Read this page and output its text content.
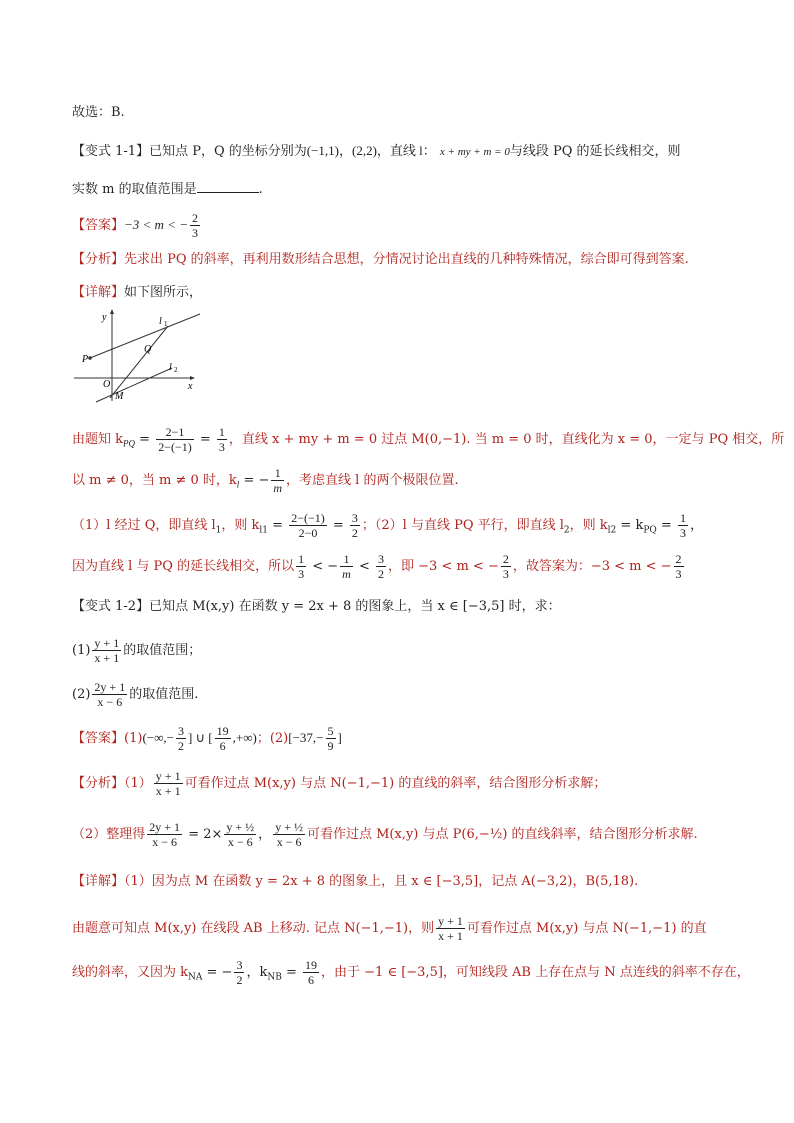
故选：B.
【变式 1-1】已知点 P，Q 的坐标分别为(−1,1)，(2,2)，直线 l： x + my + m = 0与线段 PQ 的延长线相交，则
实数 m 的取值范围是	.
【答案】−3 < m < − $\frac{2}{3}$
【分析】先求出 PQ 的斜率，再利用数形结合思想，分情况讨论出直线的几种特殊情况，综合即可得到答案.
【详解】如下图所示，
y
x
O
P
Q
M
l 1
l 2
由题知 $k_{PQ} = \frac{2-1}{2-(-1)} = \frac{1}{3}$ ，直线 x + my + m = 0 过点 M(0,−1). 当 m = 0 时，直线化为 x = 0，一定与 PQ 相交，所
以 m ≠ 0，当 m ≠ 0 时，$k_l$ = − $\frac{1}{m}$ ，考虑直线 l 的两个极限位置.
（1）l 经过 Q，即直线 $l_1$，则 $k_{l1} = \frac{2-(-1)}{2-0} = \frac{3}{2}$ ；（2）l 与直线 PQ 平行，即直线 $l_2$，则 $k_{l2} = k_{PQ} = \frac{1}{3}$ ，
因为直线 l 与 PQ 的延长线相交，所以 $\frac{1}{3}$ < − $\frac{1}{m} < \frac{3}{2}$ ，即 −3 < m < − $\frac{2}{3}$ ，故答案为：−3 < m < − $\frac{2}{3}$
【变式 1-2】已知点 M(x,y) 在函数 y = 2x + 8 的图象上，当 x ∈ [−3,5] 时，求：
$(1) \frac{y + 1}{x + 1}$ 的取值范围；
$(2) \frac{2y + 1}{x - 6}$ 的取值范围.
【答案】$(1)(-\infty,- \frac{3}{2}$ ] ∪ [ $\frac{19}{6}$ ,+∞)；$(2)[-37,- \frac{5}{9}$ ]
【分析】$(1) \frac{y + 1}{x + 1}$ 可看作过点 M(x,y) 与点 N(−1,−1) 的直线的斜率，结合图形分析求解；
（2）整理得 $\frac{2y + 1}{x - 6} = 2\times \frac{\text{y + ½}}{x - 6}$ ， $\frac{\text{y + ½}}{x - 6}$ 可看作过点 M(x,y) 与点 P(6,−½) 的直线斜率，结合图形分析求解.
【详解】（1）因为点 M 在函数 y = 2x + 8 的图象上，且 x ∈ [−3,5]，记点 A(−3,2)，B(5,18).
由题意可知点 M(x,y) 在线段 AB 上移动. 记点 N(−1,−1)，则 $\frac{y + 1}{x + 1}$ 可看作过点 M(x,y) 与点 N(−1,−1) 的直
线的斜率，又因为 $k_{NA}$ = − $\frac{3}{2}$ ，$k_{NB} = \frac{19}{6}$ ，由于 −1 ∈ [−3,5]，可知线段 AB 上存在点与 N 点连线的斜率不存在，
